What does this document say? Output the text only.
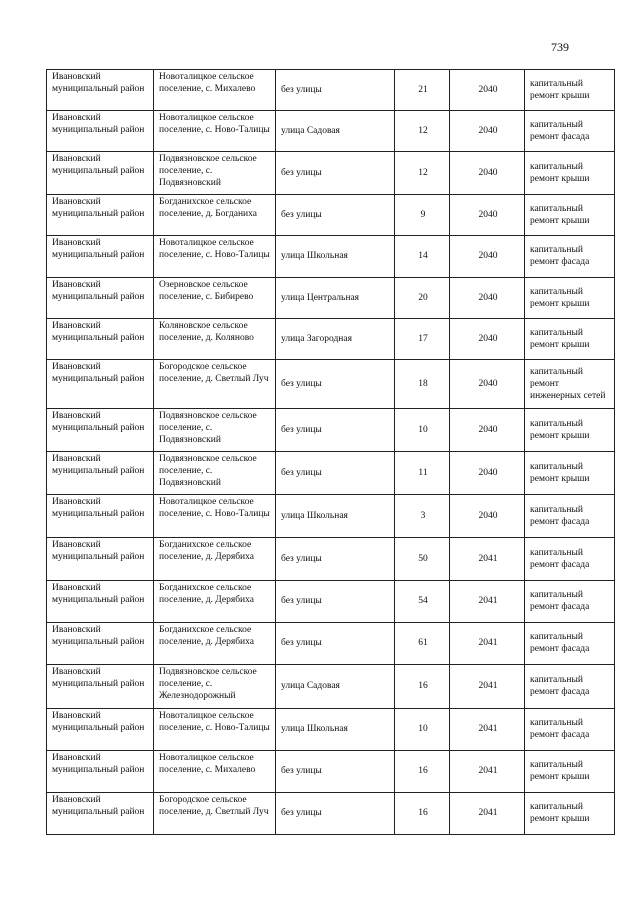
739
Ивановский муниципальный район	Новоталицкое сельское поселение, с. Михалево	без улицы	21	2040	капитальный ремонт крыши
Ивановский муниципальный район	Новоталицкое сельское поселение, с. Ново-Талицы	улица Садовая	12	2040	капитальный ремонт фасада
Ивановский муниципальный район	Подвязновское сельское поселение, с. Подвязновский	без улицы	12	2040	капитальный ремонт крыши
Ивановский муниципальный район	Богданихское сельское поселение, д. Богданиха	без улицы	9	2040	капитальный ремонт крыши
Ивановский муниципальный район	Новоталицкое сельское поселение, с. Ново-Талицы	улица Школьная	14	2040	капитальный ремонт фасада
Ивановский муниципальный район	Озерновское сельское поселение, с. Бибирево	улица Центральная	20	2040	капитальный ремонт крыши
Ивановский муниципальный район	Коляновское сельское поселение, д. Коляново	улица Загородная	17	2040	капитальный ремонт крыши
Ивановский муниципальный район	Богородское сельское поселение, д. Светлый Луч	без улицы	18	2040	капитальный ремонт инженерных сетей
Ивановский муниципальный район	Подвязновское сельское поселение, с. Подвязновский	без улицы	10	2040	капитальный ремонт крыши
Ивановский муниципальный район	Подвязновское сельское поселение, с. Подвязновский	без улицы	11	2040	капитальный ремонт крыши
Ивановский муниципальный район	Новоталицкое сельское поселение, с. Ново-Талицы	улица Школьная	3	2040	капитальный ремонт фасада
Ивановский муниципальный район	Богданихское сельское поселение, д. Дерябиха	без улицы	50	2041	капитальный ремонт фасада
Ивановский муниципальный район	Богданихское сельское поселение, д. Дерябиха	без улицы	54	2041	капитальный ремонт фасада
Ивановский муниципальный район	Богданихское сельское поселение, д. Дерябиха	без улицы	61	2041	капитальный ремонт фасада
Ивановский муниципальный район	Подвязновское сельское поселение, с. Железнодорожный	улица Садовая	16	2041	капитальный ремонт фасада
Ивановский муниципальный район	Новоталицкое сельское поселение, с. Ново-Талицы	улица Школьная	10	2041	капитальный ремонт фасада
Ивановский муниципальный район	Новоталицкое сельское поселение, с. Михалево	без улицы	16	2041	капитальный ремонт крыши
Ивановский муниципальный район	Богородское сельское поселение, д. Светлый Луч	без улицы	16	2041	капитальный ремонт крыши
